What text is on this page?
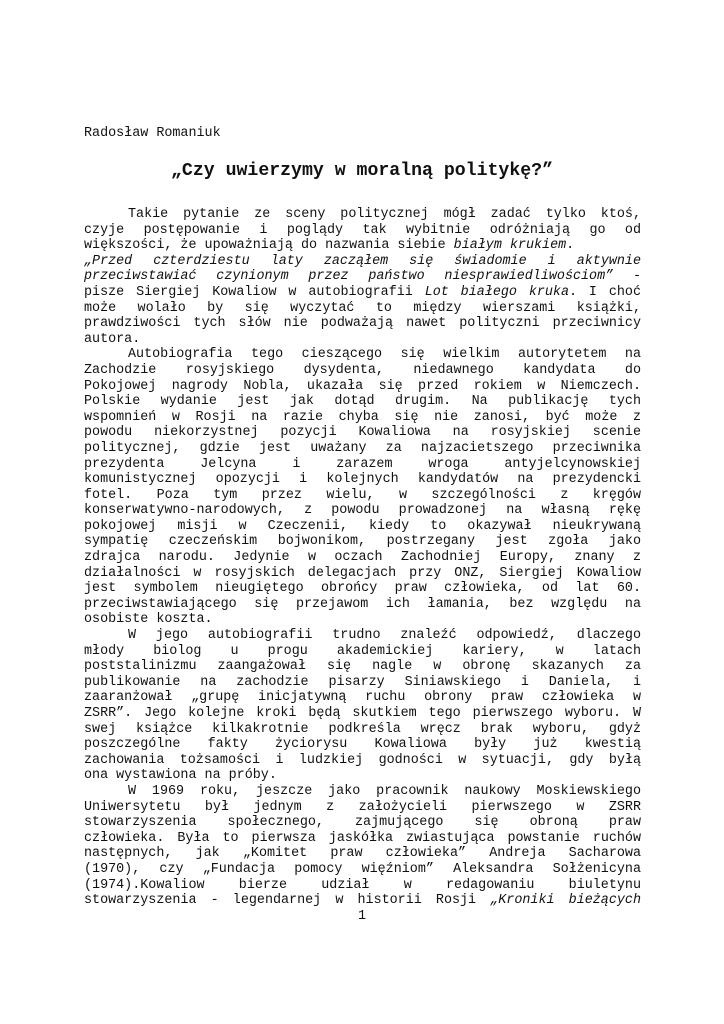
Radosław Romaniuk
„Czy uwierzymy w moralną politykę?”
Takie pytanie ze sceny politycznej mógł zadać tylko ktoś,
czyje postępowanie i poglądy tak wybitnie odróżniają go od
większości, że upoważniają do nazwania siebie białym krukiem.
„Przed czterdziestu laty zacząłem się świadomie i aktywnie
przeciwstawiać czynionym przez państwo niesprawiedliwościom” -
pisze Siergiej Kowaliow w autobiografii Lot białego kruka. I choć
może wolało by się wyczytać to między wierszami książki,
prawdziwości tych słów nie podważają nawet polityczni przeciwnicy
autora.
Autobiografia tego cieszącego się wielkim autorytetem na
Zachodzie rosyjskiego dysydenta, niedawnego kandydata do
Pokojowej nagrody Nobla, ukazała się przed rokiem w Niemczech.
Polskie wydanie jest jak dotąd drugim. Na publikację tych
wspomnień w Rosji na razie chyba się nie zanosi, być może z
powodu niekorzystnej pozycji Kowaliowa na rosyjskiej scenie
politycznej, gdzie jest uważany za najzacietszego przeciwnika
prezydenta Jelcyna i zarazem wroga antyjelcynowskiej
komunistycznej opozycji i kolejnych kandydatów na prezydencki
fotel. Poza tym przez wielu, w szczególności z kręgów
konserwatywno-narodowych, z powodu prowadzonej na własną rękę
pokojowej misji w Czeczenii, kiedy to okazywał nieukrywaną
sympatię czeczeńskim bojwonikom, postrzegany jest zgoła jako
zdrajca narodu. Jedynie w oczach Zachodniej Europy, znany z
działalności w rosyjskich delegacjach przy ONZ, Siergiej Kowaliow
jest symbolem nieugiętego obrońcy praw człowieka, od lat 60.
przeciwstawiającego się przejawom ich łamania, bez względu na
osobiste koszta.
W jego autobiografii trudno znaleźć odpowiedź, dlaczego
młody biolog u progu akademickiej kariery, w latach
poststalinizmu zaangażował się nagle w obronę skazanych za
publikowanie na zachodzie pisarzy Siniawskiego i Daniela, i
zaaranżował „grupę inicjatywną ruchu obrony praw człowieka w
ZSRR”. Jego kolejne kroki będą skutkiem tego pierwszego wyboru. W
swej książce kilkakrotnie podkreśla wręcz brak wyboru, gdyż
poszczególne fakty życiorysu Kowaliowa były już kwestią
zachowania tożsamości i ludzkiej godności w sytuacji, gdy byłą
ona wystawiona na próby.
W 1969 roku, jeszcze jako pracownik naukowy Moskiewskiego
Uniwersytetu był jednym z założycieli pierwszego w ZSRR
stowarzyszenia społecznego, zajmującego się obroną praw
człowieka. Była to pierwsza jaskółka zwiastująca powstanie ruchów
następnych, jak „Komitet praw człowieka” Andreja Sacharowa
(1970), czy „Fundacja pomocy więźniom” Aleksandra Sołżenicyna
(1974).Kowaliow bierze udział w redagowaniu biuletynu
stowarzyszenia - legendarnej w historii Rosji „Kroniki bieżących
1
